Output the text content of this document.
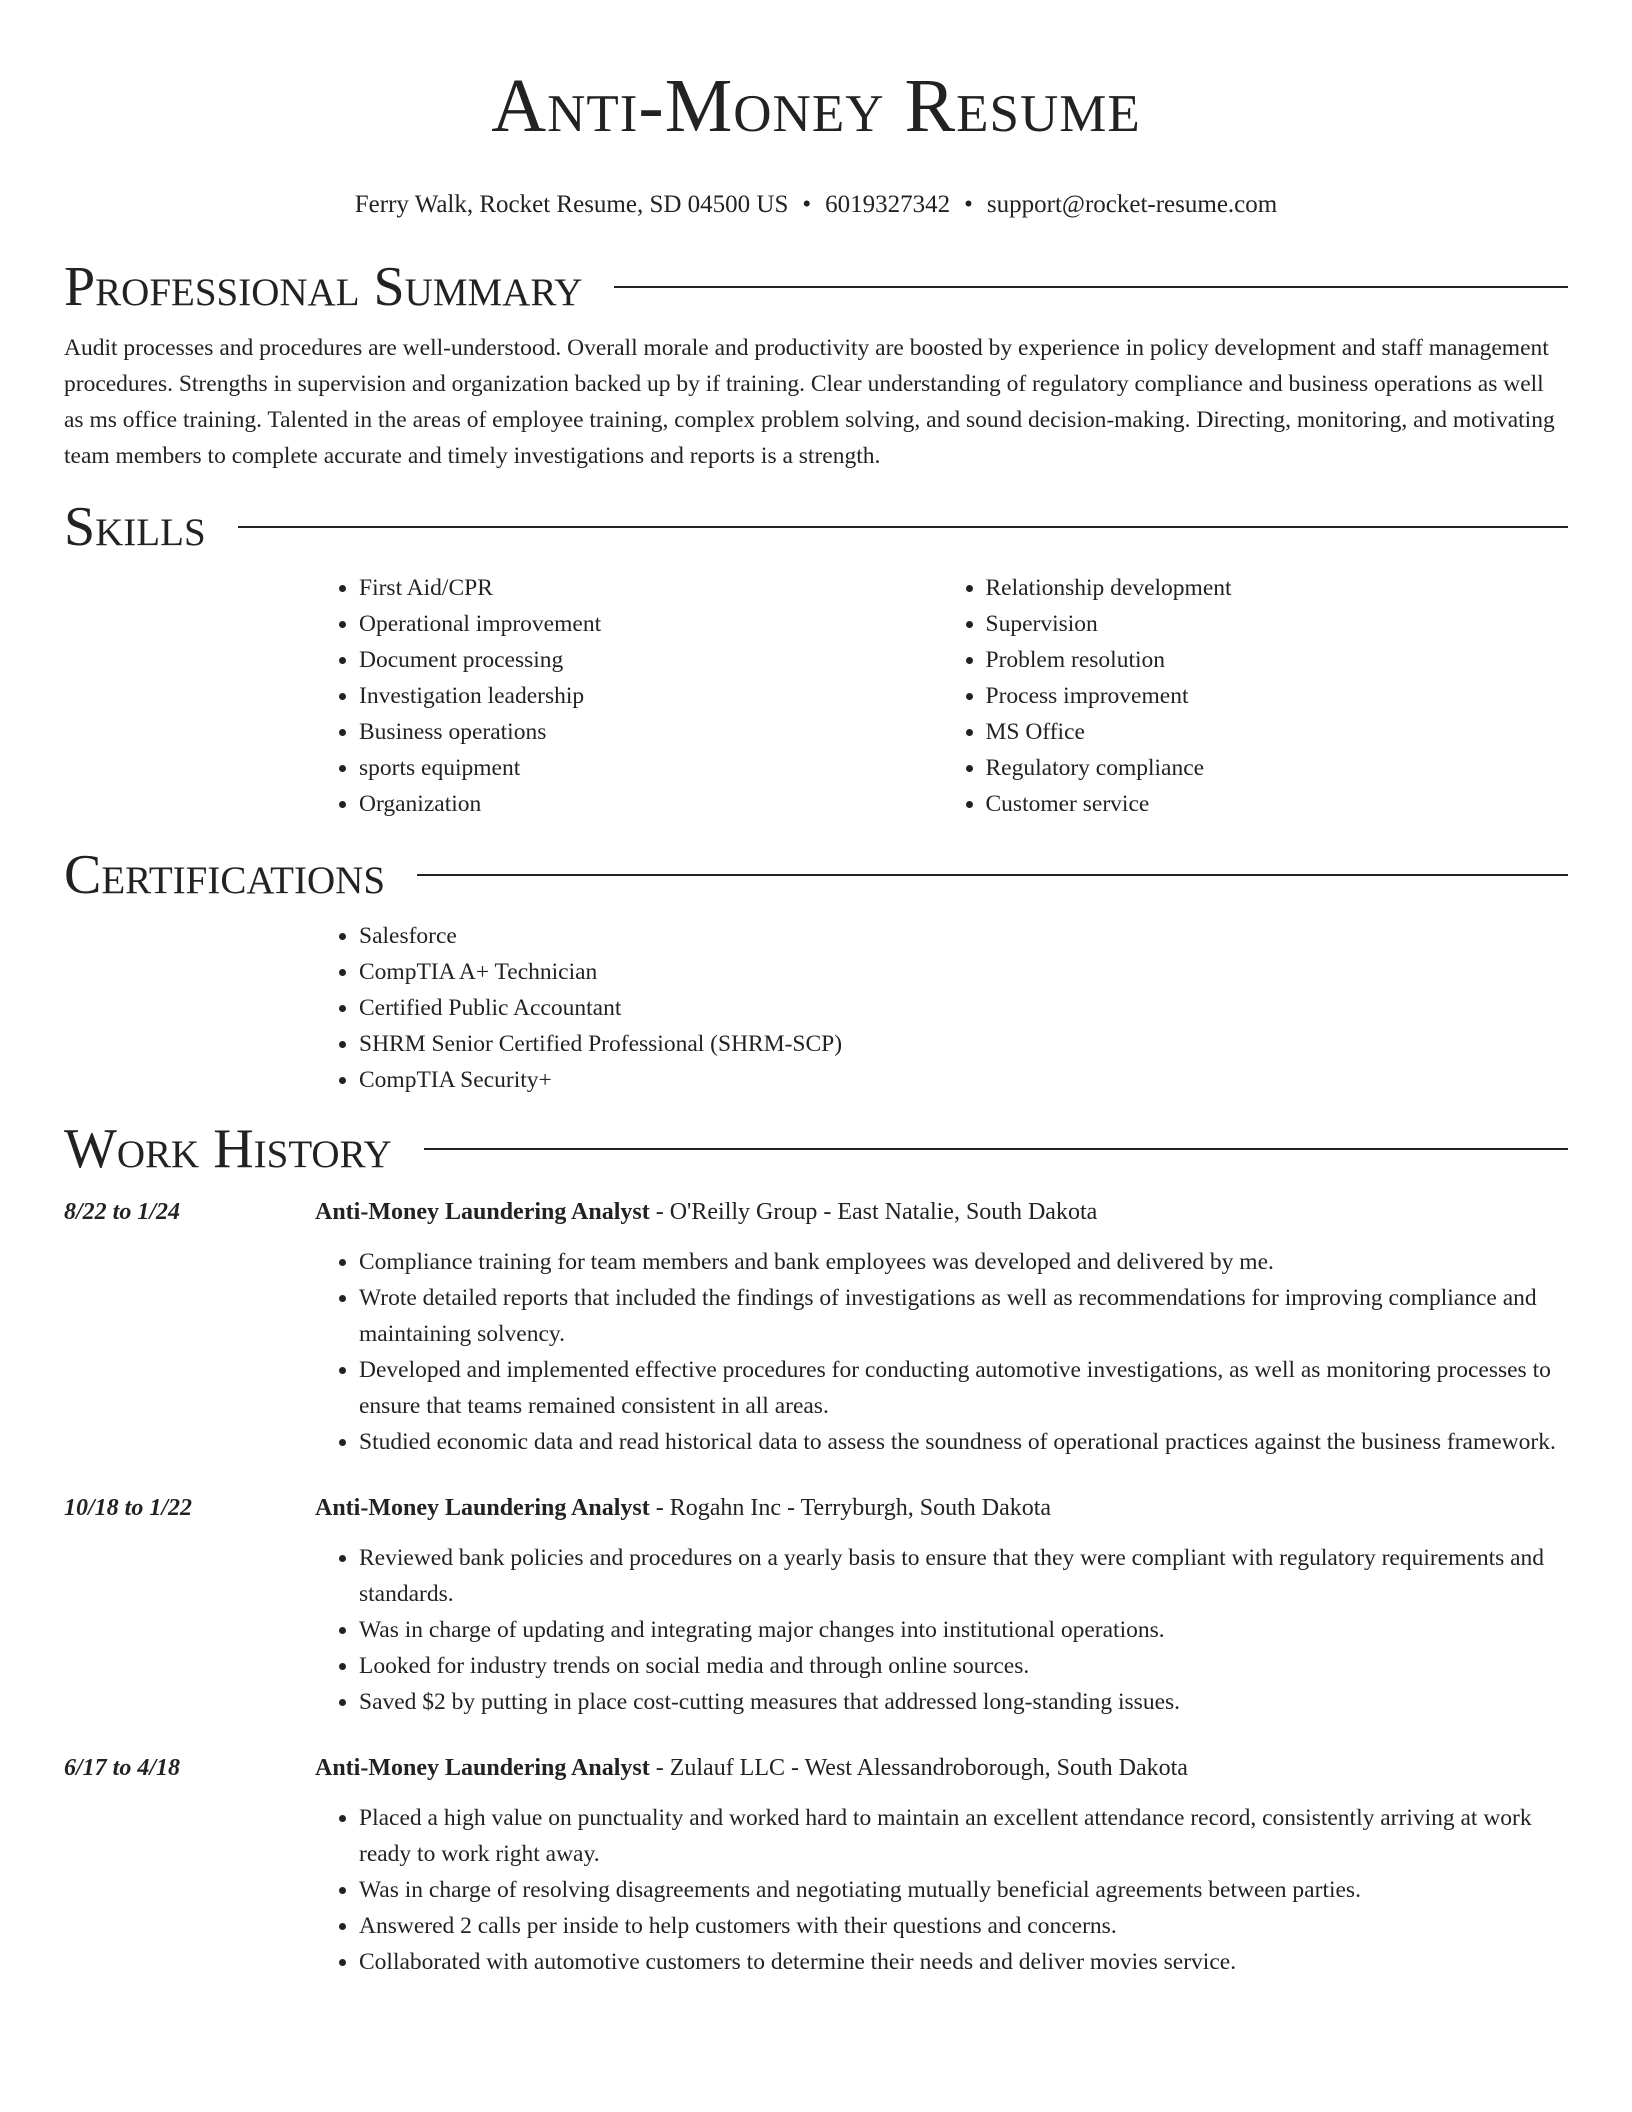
Anti-Money Resume
Ferry Walk, Rocket Resume, SD 04500 US • 6019327342 • support@rocket-resume.com
Professional Summary

Audit processes and procedures are well-understood. Overall morale and productivity are boosted by experience in policy development and staff management procedures. Strengths in supervision and organization backed up by if training. Clear understanding of regulatory compliance and business operations as well as ms office training. Talented in the areas of employee training, complex problem solving, and sound decision-making. Directing, monitoring, and motivating team members to complete accurate and timely investigations and reports is a strength.

Skills
• First Aid/CPR
• Operational improvement
• Document processing
• Investigation leadership
• Business operations
• sports equipment
• Organization
• Relationship development
• Supervision
• Problem resolution
• Process improvement
• MS Office
• Regulatory compliance
• Customer service
Certifications
• Salesforce
• CompTIA A+ Technician
• Certified Public Accountant
• SHRM Senior Certified Professional (SHRM-SCP)
• CompTIA Security+
Work History
8/22 to 1/24	Anti-Money Laundering Analyst - O'Reilly Group - East Natalie, South Dakota
• Compliance training for team members and bank employees was developed and delivered by me.
• Wrote detailed reports that included the findings of investigations as well as recommendations for improving compliance and maintaining solvency.
• Developed and implemented effective procedures for conducting automotive investigations, as well as monitoring processes to ensure that teams remained consistent in all areas.
• Studied economic data and read historical data to assess the soundness of operational practices against the business framework.
10/18 to 1/22	Anti-Money Laundering Analyst - Rogahn Inc - Terryburgh, South Dakota
• Reviewed bank policies and procedures on a yearly basis to ensure that they were compliant with regulatory requirements and standards.
• Was in charge of updating and integrating major changes into institutional operations.
• Looked for industry trends on social media and through online sources.
• Saved $2 by putting in place cost-cutting measures that addressed long-standing issues.
6/17 to 4/18	Anti-Money Laundering Analyst - Zulauf LLC - West Alessandroborough, South Dakota
• Placed a high value on punctuality and worked hard to maintain an excellent attendance record, consistently arriving at work ready to work right away.
• Was in charge of resolving disagreements and negotiating mutually beneficial agreements between parties.
• Answered 2 calls per inside to help customers with their questions and concerns.
• Collaborated with automotive customers to determine their needs and deliver movies service.
